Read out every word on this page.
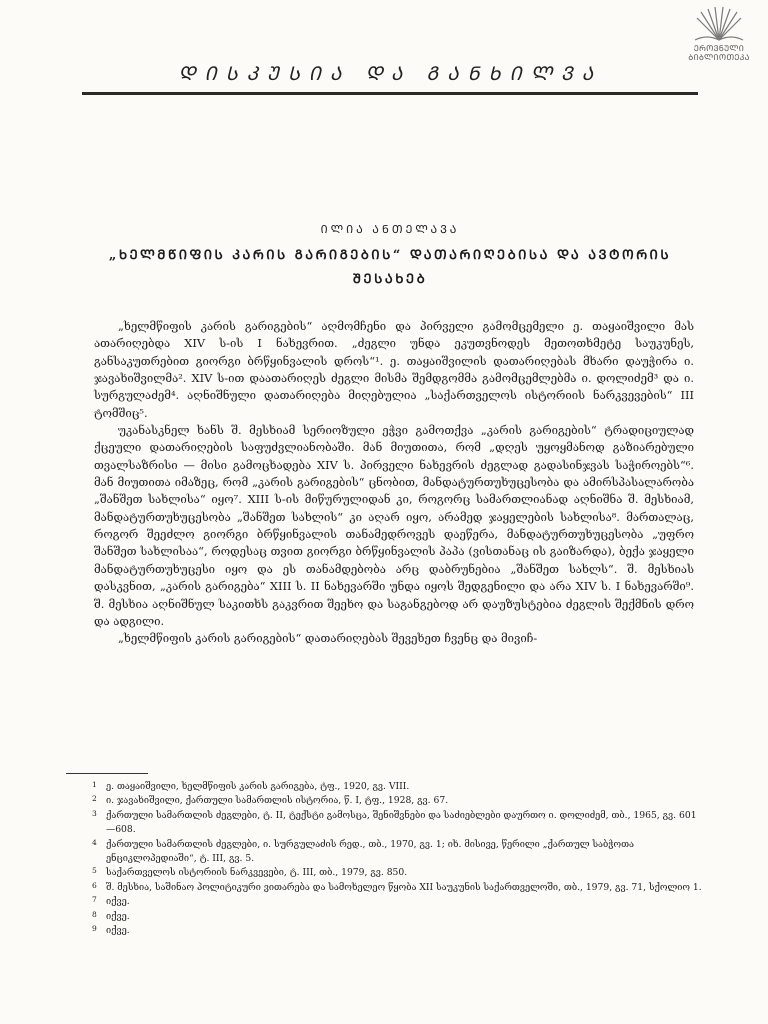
ᲔᲠᲝᲕᲜᲣᲚᲘ
ᲑᲘᲑᲚᲘᲝᲗᲔᲙᲐ
ᲓᲘᲡᲙᲣᲡᲘᲐ ᲓᲐ ᲒᲐᲜᲮᲘᲚᲕᲐ
ᲘᲚᲘᲐ ᲐᲜᲗᲔᲚᲐᲕᲐ
„ᲮᲔᲚᲛᲬᲘᲤᲘᲡ ᲙᲐᲠᲘᲡ ᲒᲐᲠᲘᲒᲔᲑᲘᲡ“ ᲓᲐᲗᲐᲠᲘᲦᲔᲑᲘᲡᲐ ᲓᲐ ᲐᲕᲢᲝᲠᲘᲡ
ᲨᲔᲡᲐᲮᲔᲑ

„ხელმწიფის კარის გარიგების“ აღმომჩენი და პირველი გამომცემელი ე. თაყაიშვილი მას ათარიღებდა XIV ს-ის I ნახევრით. „ძეგლი უნდა ეკუთვნოდეს მეთოთხმეტე საუკუნეს, განსაკუთრებით გიორგი ბრწყინვალის დროს“¹. ე. თაყაიშვილის დათარიღებას მხარი დაუჭირა ი. ჯავახიშვილმა². XIV ს-ით დაათარიღეს ძეგლი მისმა შემდგომმა გამომცემლებმა ი. დოლიძემ³ და ი. სურგულაძემ⁴. აღნიშნული დათარიღება მიღებულია „საქართველოს ისტორიის ნარკვევების“ III ტომშიც⁵.

უკანასკნელ ხანს შ. მესხიამ სერიოზული ეჭვი გამოთქვა „კარის გარიგების“ ტრადიციულად ქცეული დათარიღების საფუძვლიანობაში. მან მიუთითა, რომ „დღეს უყოყმანოდ გაზიარებული თვალსაზრისი — მისი გამოცხადება XIV ს. პირველი ნახევრის ძეგლად გადასინჯვას საჭიროებს“⁶. მან მიუთითა იმაზეც, რომ „კარის გარიგების“ ცნობით, მანდატურთუხუცესობა და ამირსპასალარობა „შანშეთ სახლისა“ იყო⁷. XIII ს-ის მიწურულიდან კი, როგორც სამართლიანად აღნიშნა შ. მესხიამ, მანდატურთუხუცესობა „შანშეთ სახლის“ კი აღარ იყო, არამედ ჯაყელების სახლისა⁸. მართალაც, როგორ შეეძლო გიორგი ბრწყინვალის თანამედროვეს დაეწერა, მანდატურთუხუცესობა „უფრო შანშეთ სახლისაა“, როდესაც თვით გიორგი ბრწყინვალის პაპა (ვისთანაც ის გაიზარდა), ბექა ჯაყელი მანდატურთუხუცესი იყო და ეს თანამდებობა არც დაბრუნებია „შანშეთ სახლს“. შ. მესხიას დასკვნით, „კარის გარიგება“ XIII ს. II ნახევარში უნდა იყოს შედგენილი და არა XIV ს. I ნახევარში⁹. შ. მესხია აღნიშნულ საკითხს გაკვრით შეეხო და საგანგებოდ არ დაუზუსტებია ძეგლის შექმნის დრო და ადგილი.

„ხელმწიფის კარის გარიგების“ დათარიღებას შევეხეთ ჩვენც და მივიჩ-

1 ე. თაყაიშვილი, ხელმწიფის კარის გარიგება, ტფ., 1920, გვ. VIII.
2 ი. ჯავახიშვილი, ქართული სამართლის ისტორია, წ. I, ტფ., 1928, გვ. 67.
3 ქართული სამართლის ძეგლები, ტ. II, ტექსტი გამოსცა, შენიშვნები და საძიებლები დაურთო ი. დოლიძემ, თბ., 1965, გვ. 601—608.
4 ქართული სამართლის ძეგლები, ი. სურგულაძის რედ., თბ., 1970, გვ. 1; იხ. მისივე, წერილი „ქართულ საბჭოთა ენციკლოპედიაში“, ტ. III, გვ. 5.
5 საქართველოს ისტორიის ნარკვევები, ტ. III, თბ., 1979, გვ. 850.
6 შ. მესხია, საშინაო პოლიტიკური ვითარება და სამოხელეო წყობა XII საუკუნის საქართველოში, თბ., 1979, გვ. 71, სქოლიო 1.
7 იქვე.
8 იქვე.
9 იქვე.
